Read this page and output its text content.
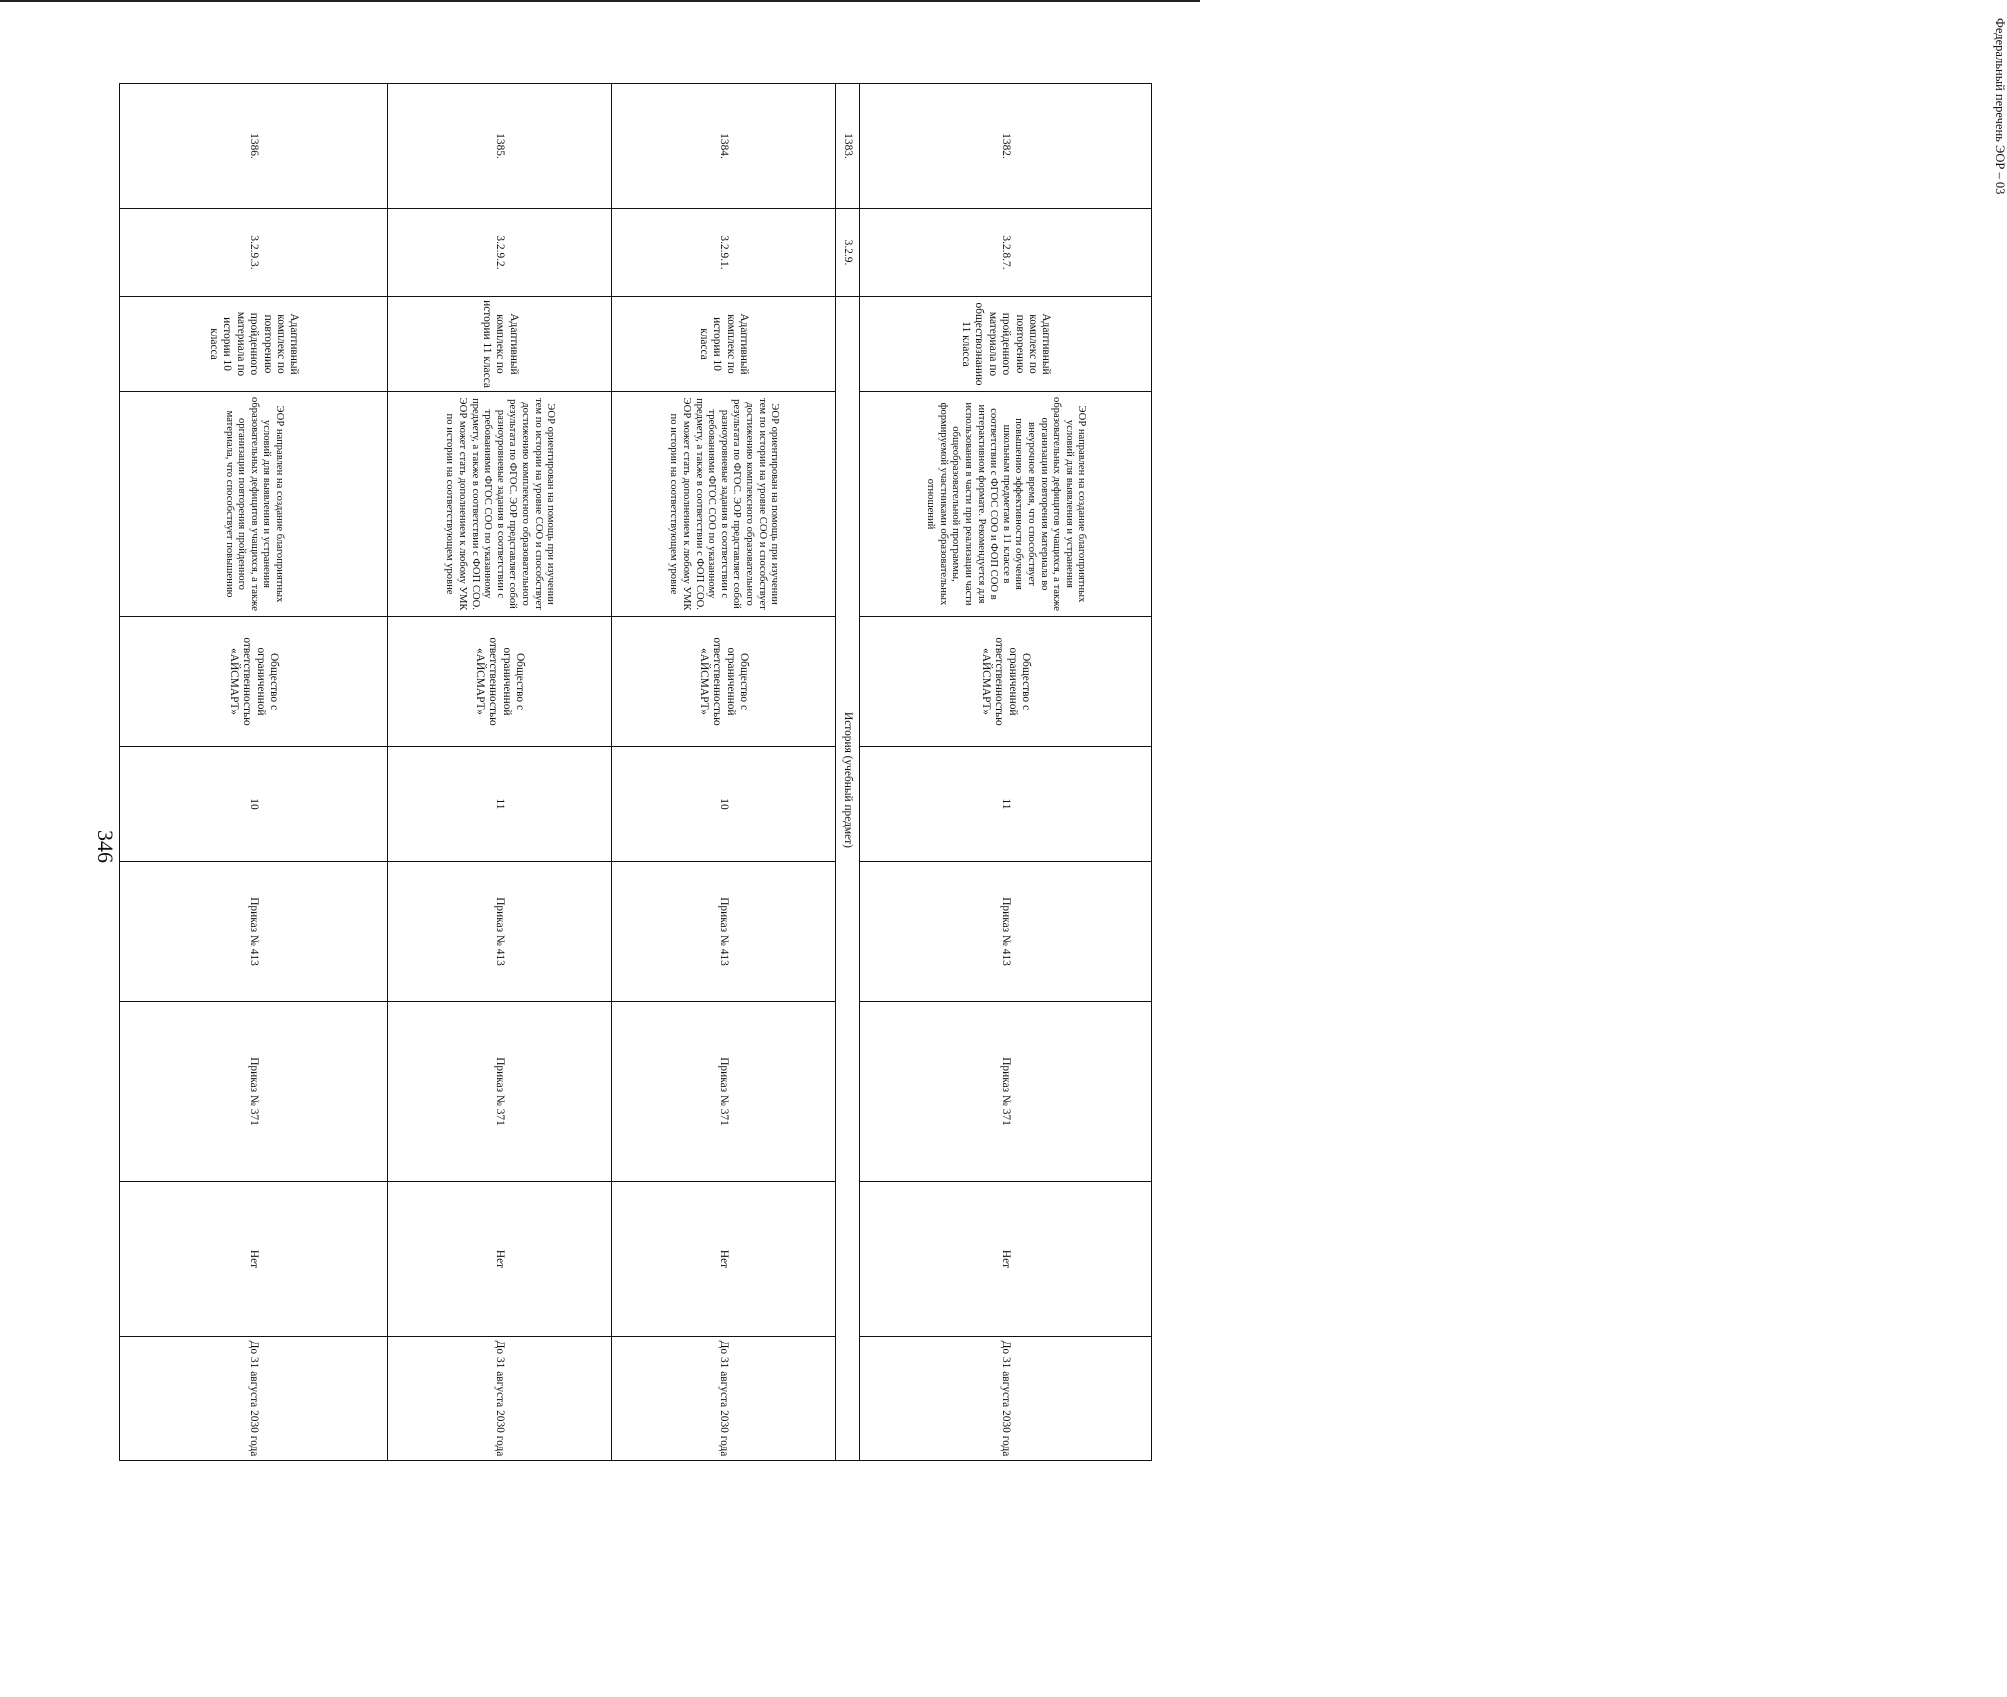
346
Федеральный перечень ЭОР – 03
1382.	3.2.8.7.	Адаптивный комплекс по повторению пройденного материала по обществознанию 11 класса	ЭОР направлен на создание благоприятных условий для выявления и устранения образовательных дефицитов учащихся, а также организации повторения материала во внеурочное время, что способствует повышению эффективности обучения школьным предметам в 11 классе в соответствии с ФГОС СОО и ФОП СОО в интерактивном формате. Рекомендуется для использования в части при реализации части общеобразовательной программы, формируемой участниками образовательных отношений	Общество с ограниченной ответственностью «АЙСМАРТ»	11	Приказ № 413	Приказ № 371	Нет	До 31 августа 2030 года
1383.	3.2.9.	История (учебный предмет)							
1384.	3.2.9.1.	Адаптивный комплекс по истории 10 класса	ЭОР ориентирован на помощь при изучении тем по истории на уровне СОО и способствует достижению комплексного образовательного результата по ФГОС. ЭОР представляет собой разноуровневые задания в соответствии с требованиями ФГОС СОО по указанному предмету, а также в соответствии с ФОП СОО. ЭОР может стать дополнением к любому УМК по истории на соответствующем уровне	Общество с ограниченной ответственностью «АЙСМАРТ»	10	Приказ № 413	Приказ № 371	Нет	До 31 августа 2030 года
1385.	3.2.9.2.	Адаптивный комплекс по истории 11 класса	ЭОР ориентирован на помощь при изучении тем по истории на уровне СОО и способствует достижению комплексного образовательного результата по ФГОС. ЭОР представляет собой разноуровневые задания в соответствии с требованиями ФГОС СОО по указанному предмету, а также в соответствии с ФОП СОО. ЭОР может стать дополнением к любому УМК по истории на соответствующем уровне	Общество с ограниченной ответственностью «АЙСМАРТ»	11	Приказ № 413	Приказ № 371	Нет	До 31 августа 2030 года
1386.	3.2.9.3.	Адаптивный комплекс по повторению пройденного материала по истории 10 класса	ЭОР направлен на создание благоприятных условий для выявления и устранения образовательных дефицитов учащихся, а также организации повторения пройденного материала, что способствует повышению	Общество с ограниченной ответственностью «АЙСМАРТ»	10	Приказ № 413	Приказ № 371	Нет	До 31 августа 2030 года
